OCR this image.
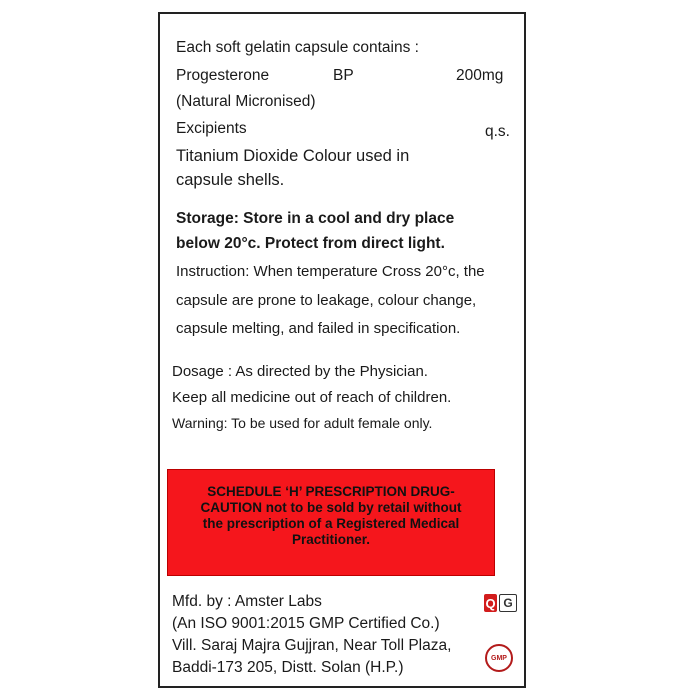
Each soft gelatin capsule contains :
Progesterone	BP	200mg
(Natural Micronised)
Excipients	q.s.
Titanium Dioxide Colour used in
capsule shells.
Storage: Store in a cool and dry place
below 20°c. Protect from direct light.
Instruction: When temperature Cross 20°c, the
capsule are prone to leakage, colour change,
capsule melting, and failed in specification.
Dosage : As directed by the Physician.
Keep all medicine out of reach of children.
Warning: To be used for adult female only.
SCHEDULE ‘H’ PRESCRIPTION DRUG-
CAUTION not to be sold by retail without
the prescription of a Registered Medical
Practitioner.
Mfd. by : Amster Labs
(An ISO 9001:2015 GMP Certified Co.)
Vill. Saraj Majra Gujjran, Near Toll Plaza,
Baddi-173 205, Distt. Solan (H.P.)
Q G
GMP
